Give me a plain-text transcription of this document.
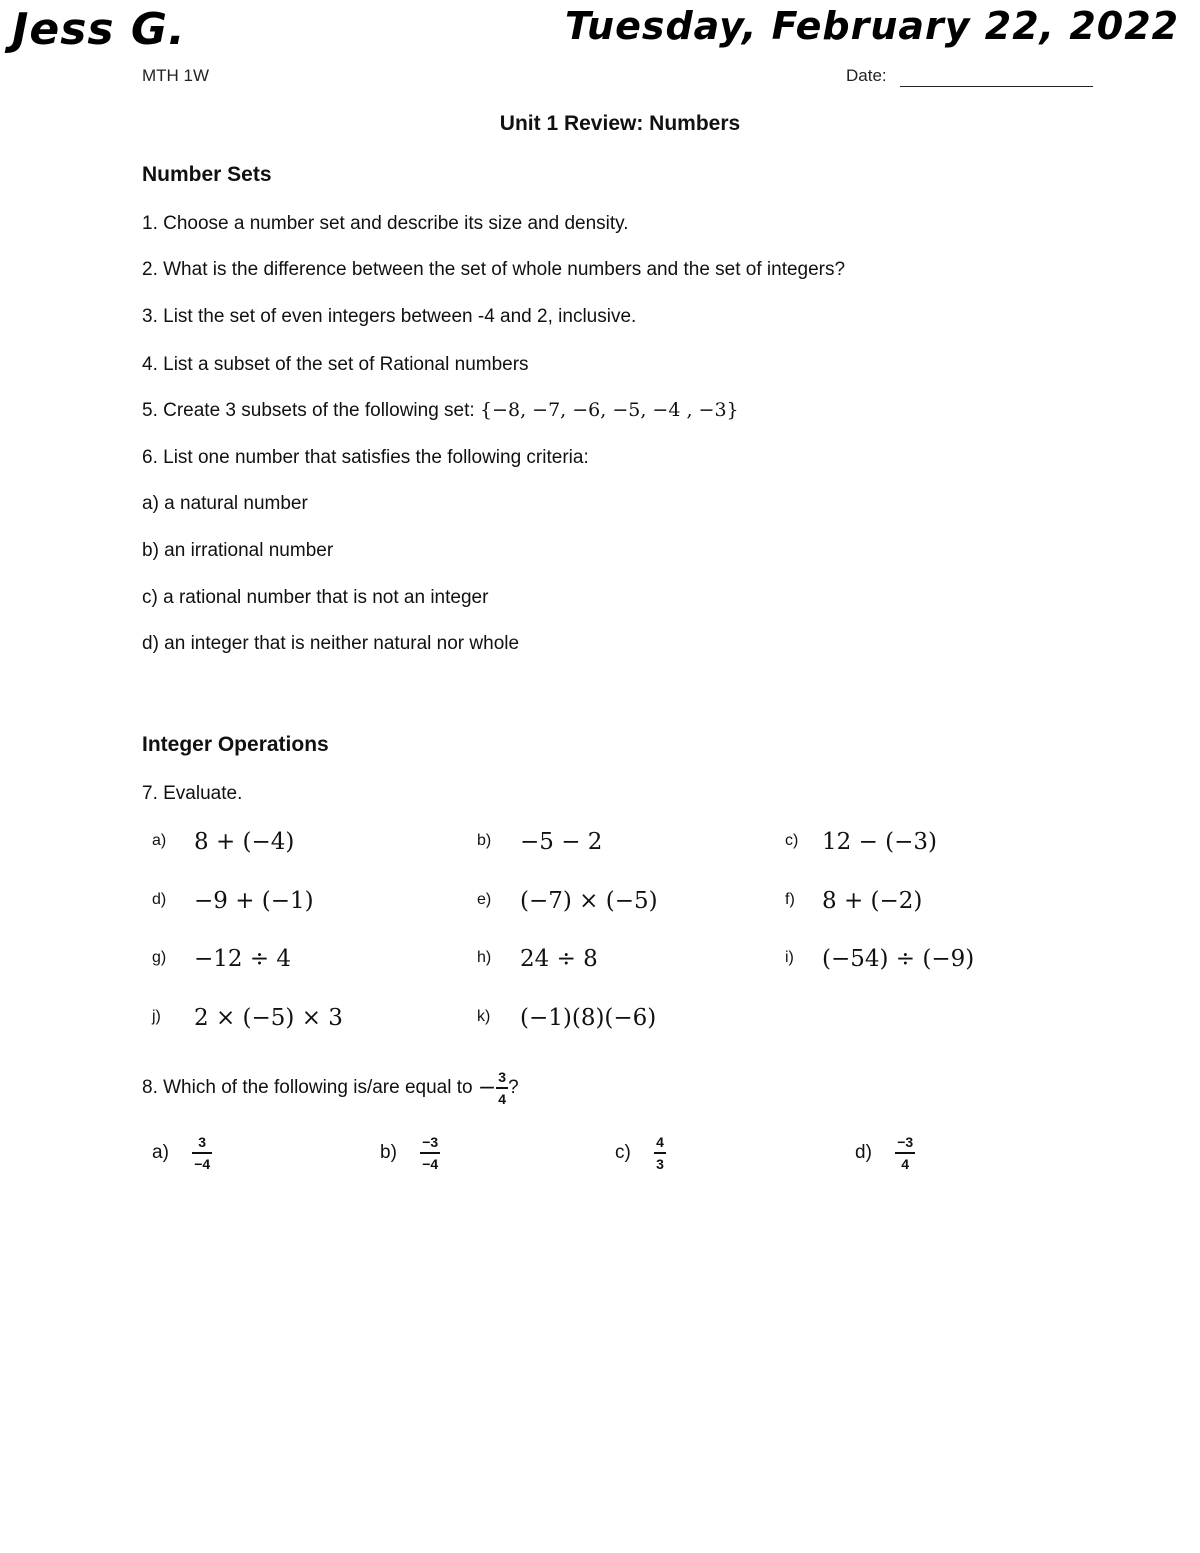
Jess G.	Tuesday, February 22, 2022
MTH 1W	Date:
Unit 1 Review: Numbers
Number Sets
1. Choose a number set and describe its size and density.
2. What is the difference between the set of whole numbers and the set of integers?
3. List the set of even integers between -4 and 2, inclusive.
4. List a subset of the set of Rational numbers
5. Create 3 subsets of the following set: {−8, −7, −6, −5, −4 , −3}
6. List one number that satisfies the following criteria:
a) a natural number
b) an irrational number
c) a rational number that is not an integer
d) an integer that is neither natural nor whole
Integer Operations
7. Evaluate.
a) 8 + (−4)	b) −5 − 2	c) 12 − (−3)
d) −9 + (−1)	e) (−7) × (−5)	f) 8 + (−2)
g) −12 ÷ 4	h) 24 ÷ 8	i) (−54) ÷ (−9)
j) 2 × (−5) × 3	k) (−1)(8)(−6)
8. Which of the following is/are equal to − $\frac{3}{4}$ ?
$a) \frac{3}{-4}$	$b) \frac{-3}{-4}$	$c) \frac{4}{3}$	$d) \frac{-3}{4}$
